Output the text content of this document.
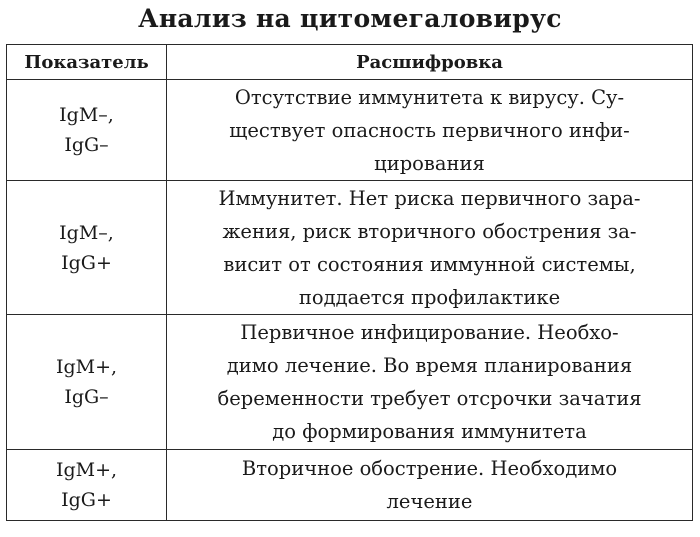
Анализ на цитомегаловирус
Показатель	Расшифровка

IgM–,
IgG–	Отсутствие иммунитета к вирусу. Су-
ществует опасность первичного инфи-
цирования

IgM–,
IgG+	Иммунитет. Нет риска первичного зара-
жения, риск вторичного обострения за-
висит от состояния иммунной системы,
поддается профилактике

IgM+,
IgG–	Первичное инфицирование. Необхо-
димо лечение. Во время планирования
беременности требует отсрочки зачатия
до формирования иммунитета

IgM+,
IgG+	Вторичное обострение. Необходимо
лечение
